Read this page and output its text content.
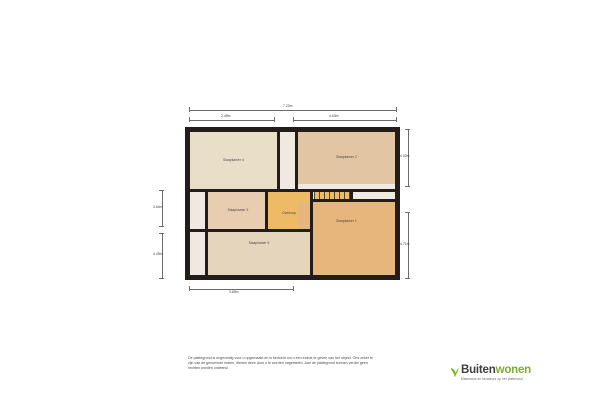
7.22m
2.49m	4.63m
4.02m
4.71m
3.64m
4.49m
3.69m
Slaapkamer 4
Slaapkamer 2
Slaapkamer 3
Overloop
Slaapkamer 1
Slaapkamer 5
De plattegrond is ongeveldig voor u opgemaakt en is bedoeld om u een indruk te geven van het object. Ons zeker te zijn van de genoemde maten, dienen deze door u te worden nagemeten. Aan de plattegrond kunnen verder geen rechten worden ontleend.	Buitenwonen
Makelaars en taxateurs op het platteland
